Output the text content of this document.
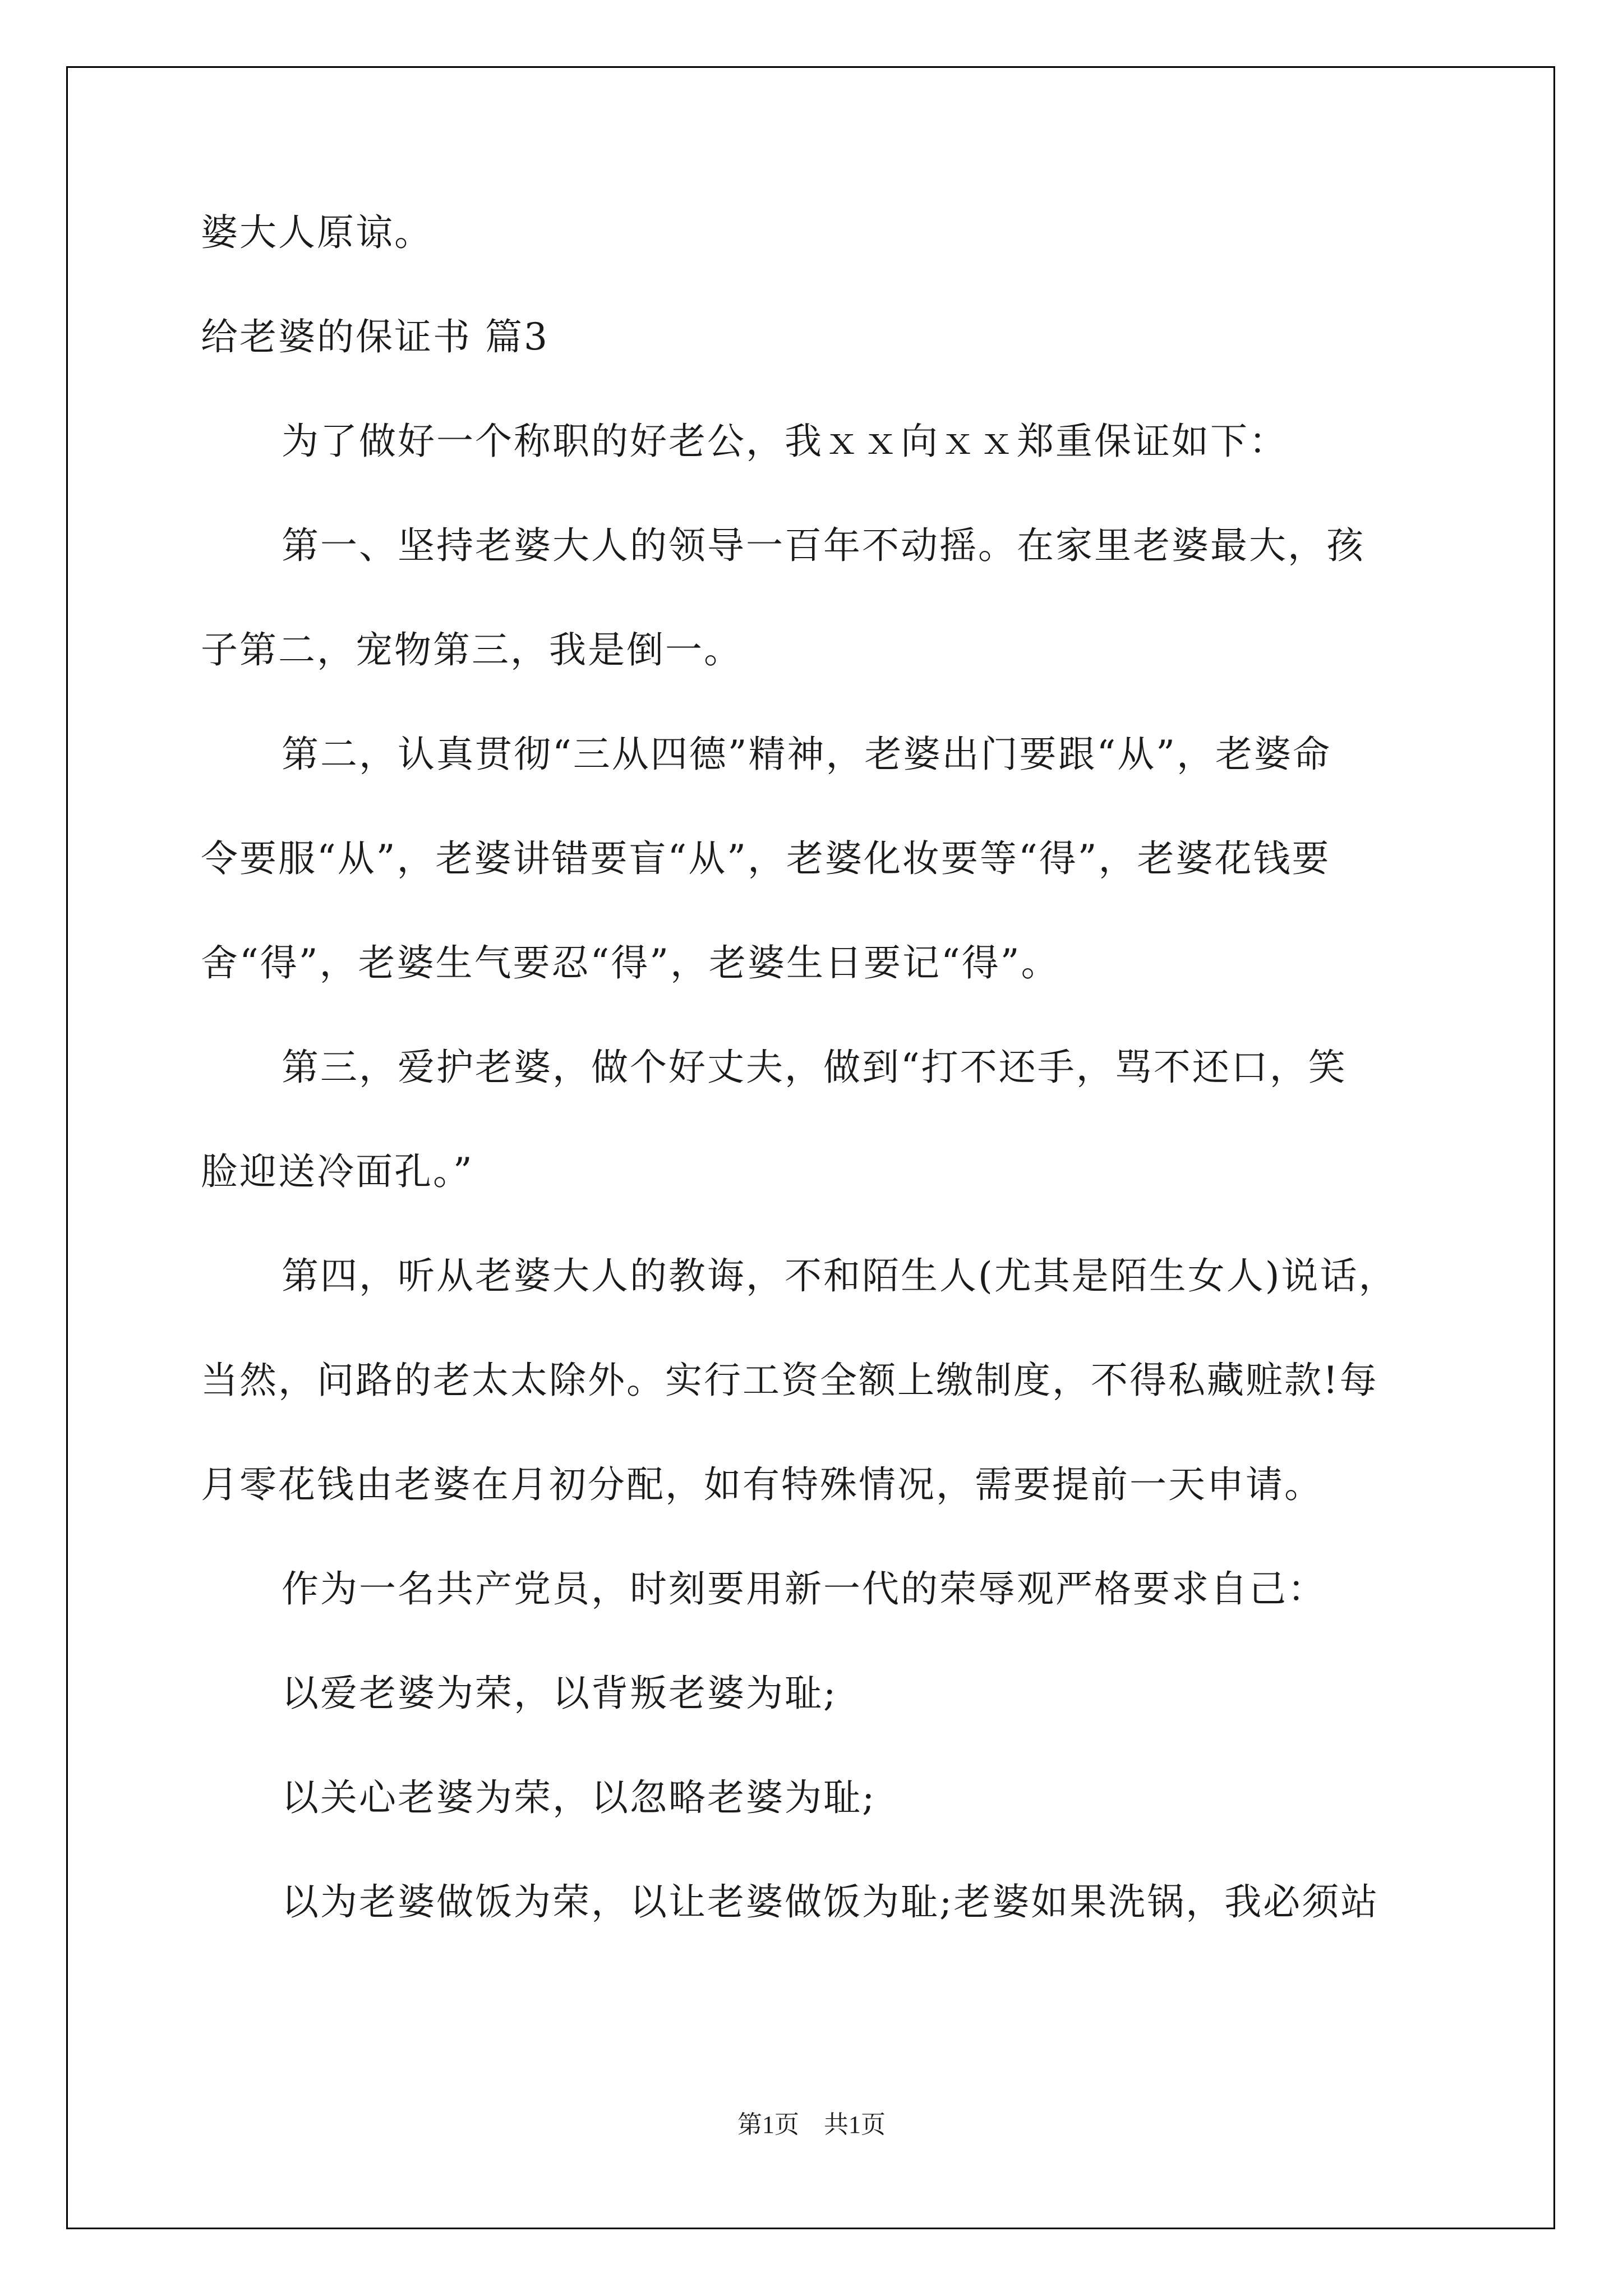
婆大人原谅。
给老婆的保证书 篇3
为了做好一个称职的好老公，我ｘｘ向ｘｘ郑重保证如下：
第一、坚持老婆大人的领导一百年不动摇。在家里老婆最大，孩
子第二，宠物第三，我是倒一。
第二，认真贯彻“三从四德”精神，老婆出门要跟“从”，老婆命
令要服“从”，老婆讲错要盲“从”，老婆化妆要等“得”，老婆花钱要
舍“得”，老婆生气要忍“得”，老婆生日要记“得”。
第三，爱护老婆，做个好丈夫，做到“打不还手，骂不还口，笑
脸迎送冷面孔。”
第四，听从老婆大人的教诲，不和陌生人(尤其是陌生女人)说话，
当然，问路的老太太除外。实行工资全额上缴制度，不得私藏赃款!每
月零花钱由老婆在月初分配，如有特殊情况，需要提前一天申请。
作为一名共产党员，时刻要用新一代的荣辱观严格要求自己：
以爱老婆为荣，以背叛老婆为耻;
以关心老婆为荣，以忽略老婆为耻;
以为老婆做饭为荣，以让老婆做饭为耻;老婆如果洗锅，我必须站
第1页　共1页
